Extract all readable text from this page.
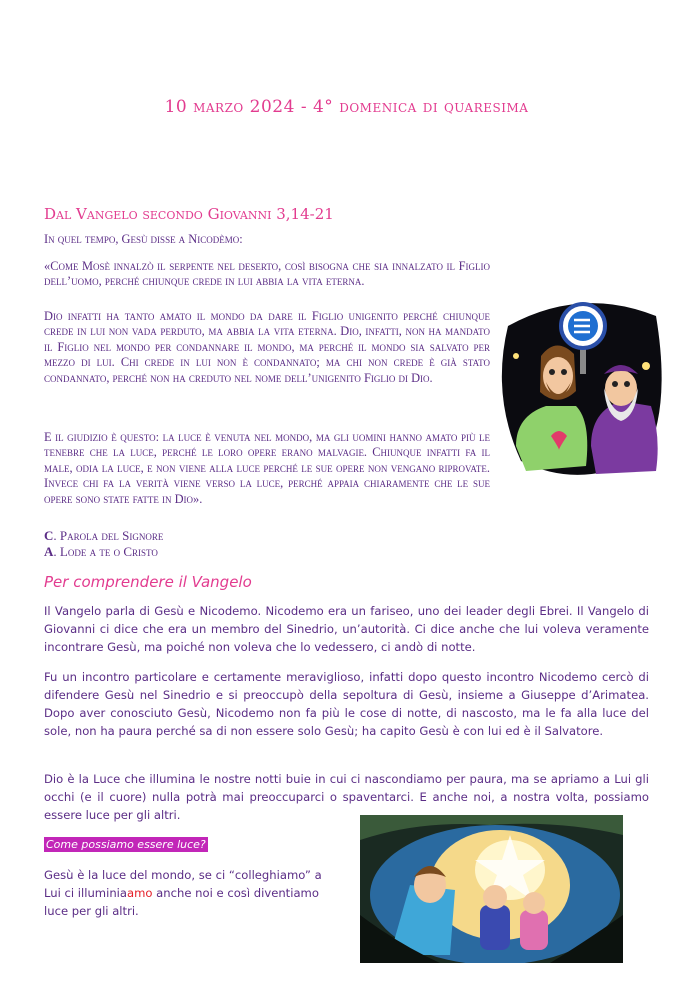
10 marzo 2024 - 4° domenica di quaresima
Dal Vangelo secondo Giovanni 3,14-21
In quel tempo, Gesù disse a Nicodèmo:
«Come Mosè innalzò il serpente nel deserto, così bisogna che sia innalzato il Figlio dell’uomo, perché chiunque crede in lui abbia la vita eterna.
Dio infatti ha tanto amato il mondo da dare il Figlio unigenito perché chiunque crede in lui non vada perduto, ma abbia la vita eterna. Dio, infatti, non ha mandato il Figlio nel mondo per condannare il mondo, ma perché il mondo sia salvato per mezzo di lui. Chi crede in lui non è condannato; ma chi non crede è già stato condannato, perché non ha creduto nel nome dell’unigenito Figlio di Dio.
E il giudizio è questo: la luce è venuta nel mondo, ma gli uomini hanno amato più le tenebre che la luce, perché le loro opere erano malvagie. Chiunque infatti fa il male, odia la luce, e non viene alla luce perché le sue opere non vengano riprovate. Invece chi fa la verità viene verso la luce, perché appaia chiaramente che le sue opere sono state fatte in Dio».
C. Parola del Signore
A. Lode a te o Cristo
Per comprendere il Vangelo
Il Vangelo parla di Gesù e Nicodemo. Nicodemo era un fariseo, uno dei leader degli Ebrei. Il Vangelo di Giovanni ci dice che era un membro del Sinedrio, un’autorità. Ci dice anche che lui voleva veramente incontrare Gesù, ma poiché non voleva che lo vedessero, ci andò di notte.
Fu un incontro particolare e certamente meraviglioso, infatti dopo questo incontro Nicodemo cercò di difendere Gesù nel Sinedrio e si preoccupò della sepoltura di Gesù, insieme a Giuseppe d’Arimatea. Dopo aver conosciuto Gesù, Nicodemo non fa più le cose di notte, di nascosto, ma le fa alla luce del sole, non ha paura perché sa di non essere solo Gesù; ha capito Gesù è con lui ed è il Salvatore.
Dio è la Luce che illumina le nostre notti buie in cui ci nascondiamo per paura, ma se apriamo a Lui gli occhi (e il cuore) nulla potrà mai preoccuparci o spaventarci. E anche noi, a nostra volta, possiamo essere luce per gli altri.
Come possiamo essere luce?
Gesù è la luce del mondo, se ci “colleghiamo” a Lui ci illuminiaamo anche noi e così diventiamo luce per gli altri.
